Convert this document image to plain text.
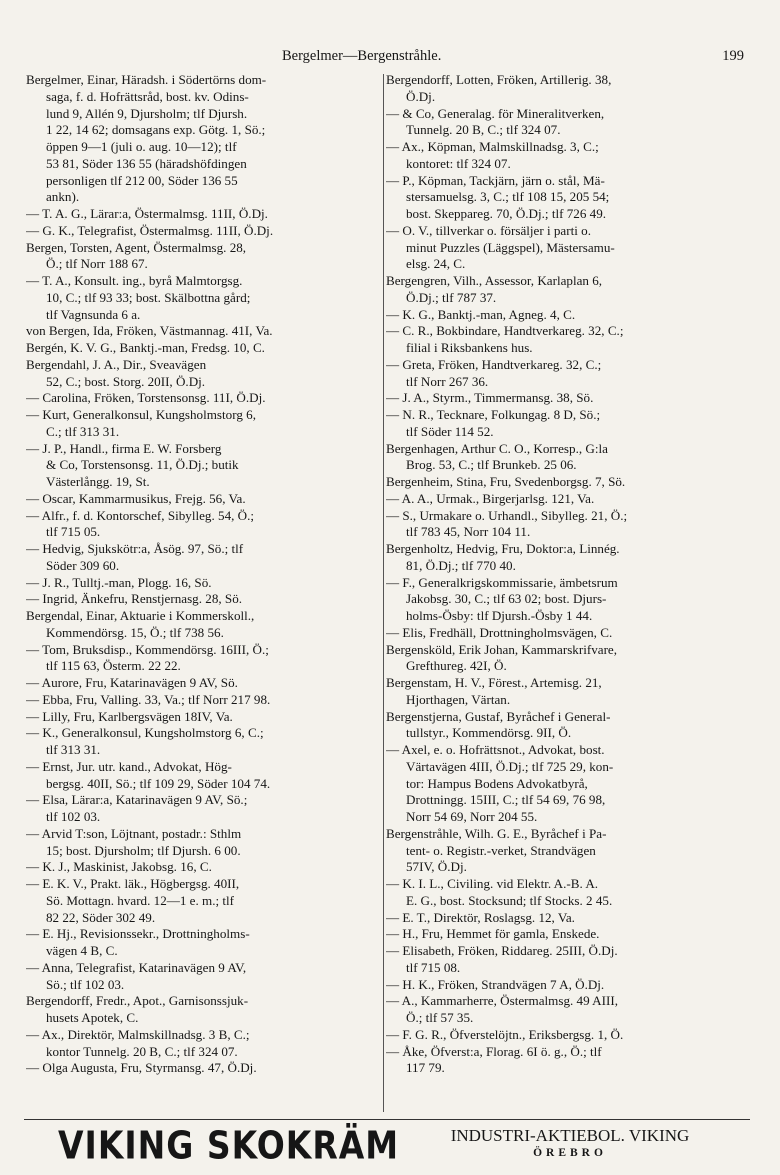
Bergelmer—Bergenstråhle.	199
Bergelmer, Einar, Häradsh. i Södertörns dom-
saga, f. d. Hofrättsråd, bost. kv. Odins-
lund 9, Allén 9, Djursholm; tlf Djursh.
1 22, 14 62; domsagans exp. Götg. 1, Sö.;
öppen 9—1 (juli o. aug. 10—12); tlf
53 81, Söder 136 55 (häradshöfdingen
personligen tlf 212 00, Söder 136 55
ankn).
— T. A. G., Lärar:a, Östermalmsg. 11II, Ö.Dj.
— G. K., Telegrafist, Östermalmsg. 11II, Ö.Dj.
Bergen, Torsten, Agent, Östermalmsg. 28,
Ö.; tlf Norr 188 67.
— T. A., Konsult. ing., byrå Malmtorgsg.
10, C.; tlf 93 33; bost. Skälbottna gård;
tlf Vagnsunda 6 a.
von Bergen, Ida, Fröken, Västmannag. 41I, Va.
Bergén, K. V. G., Banktj.-man, Fredsg. 10, C.
Bergendahl, J. A., Dir., Sveavägen
52, C.; bost. Storg. 20II, Ö.Dj.
— Carolina, Fröken, Torstensonsg. 11I, Ö.Dj.
— Kurt, Generalkonsul, Kungsholmstorg 6,
C.; tlf 313 31.
— J. P., Handl., firma E. W. Forsberg
& Co, Torstensonsg. 11, Ö.Dj.; butik
Västerlångg. 19, St.
— Oscar, Kammarmusikus, Frejg. 56, Va.
— Alfr., f. d. Kontorschef, Sibylleg. 54, Ö.;
tlf 715 05.
— Hedvig, Sjukskötr:a, Åsög. 97, Sö.; tlf
Söder 309 60.
— J. R., Tulltj.-man, Plogg. 16, Sö.
— Ingrid, Änkefru, Renstjernasg. 28, Sö.
Bergendal, Einar, Aktuarie i Kommerskoll.,
Kommendörsg. 15, Ö.; tlf 738 56.
— Tom, Bruksdisp., Kommendörsg. 16III, Ö.;
tlf 115 63, Österm. 22 22.
— Aurore, Fru, Katarinavägen 9 AV, Sö.
— Ebba, Fru, Valling. 33, Va.; tlf Norr 217 98.
— Lilly, Fru, Karlbergsvägen 18IV, Va.
— K., Generalkonsul, Kungsholmstorg 6, C.;
tlf 313 31.
— Ernst, Jur. utr. kand., Advokat, Hög-
bergsg. 40II, Sö.; tlf 109 29, Söder 104 74.
— Elsa, Lärar:a, Katarinavägen 9 AV, Sö.;
tlf 102 03.
— Arvid T:son, Löjtnant, postadr.: Sthlm
15; bost. Djursholm; tlf Djursh. 6 00.
— K. J., Maskinist, Jakobsg. 16, C.
— E. K. V., Prakt. läk., Högbergsg. 40II,
Sö. Mottagn. hvard. 12—1 e. m.; tlf
82 22, Söder 302 49.
— E. Hj., Revisionssekr., Drottningholms-
vägen 4 B, C.
— Anna, Telegrafist, Katarinavägen 9 AV,
Sö.; tlf 102 03.
Bergendorff, Fredr., Apot., Garnisonssjuk-
husets Apotek, C.
— Ax., Direktör, Malmskillnadsg. 3 B, C.;
kontor Tunnelg. 20 B, C.; tlf 324 07.
— Olga Augusta, Fru, Styrmansg. 47, Ö.Dj.
Bergendorff, Lotten, Fröken, Artillerig. 38,
Ö.Dj.
— & Co, Generalag. för Mineralitverken,
Tunnelg. 20 B, C.; tlf 324 07.
— Ax., Köpman, Malmskillnadsg. 3, C.;
kontoret: tlf 324 07.
— P., Köpman, Tackjärn, järn o. stål, Mä-
stersamuelsg. 3, C.; tlf 108 15, 205 54;
bost. Skeppareg. 70, Ö.Dj.; tlf 726 49.
— O. V., tillverkar o. försäljer i parti o.
minut Puzzles (Läggspel), Mästersamu-
elsg. 24, C.
Bergengren, Vilh., Assessor, Karlaplan 6,
Ö.Dj.; tlf 787 37.
— K. G., Banktj.-man, Agneg. 4, C.
— C. R., Bokbindare, Handtverkareg. 32, C.;
filial i Riksbankens hus.
— Greta, Fröken, Handtverkareg. 32, C.;
tlf Norr 267 36.
— J. A., Styrm., Timmermansg. 38, Sö.
— N. R., Tecknare, Folkungag. 8 D, Sö.;
tlf Söder 114 52.
Bergenhagen, Arthur C. O., Korresp., G:la
Brog. 53, C.; tlf Brunkeb. 25 06.
Bergenheim, Stina, Fru, Svedenborgsg. 7, Sö.
— A. A., Urmak., Birgerjarlsg. 121, Va.
— S., Urmakare o. Urhandl., Sibylleg. 21, Ö.;
tlf 783 45, Norr 104 11.
Bergenholtz, Hedvig, Fru, Doktor:a, Linnég.
81, Ö.Dj.; tlf 770 40.
— F., Generalkrigskommissarie, ämbetsrum
Jakobsg. 30, C.; tlf 63 02; bost. Djurs-
holms-Ösby: tlf Djursh.-Ösby 1 44.
— Elis, Fredhäll, Drottningholmsvägen, C.
Bergensköld, Erik Johan, Kammarskrifvare,
Grefthureg. 42I, Ö.
Bergenstam, H. V., Förest., Artemisg. 21,
Hjorthagen, Värtan.
Bergenstjerna, Gustaf, Byråchef i General-
tullstyr., Kommendörsg. 9II, Ö.
— Axel, e. o. Hofrättsnot., Advokat, bost.
Värtavägen 4III, Ö.Dj.; tlf 725 29, kon-
tor: Hampus Bodens Advokatbyrå,
Drottningg. 15III, C.; tlf 54 69, 76 98,
Norr 54 69, Norr 204 55.
Bergenstråhle, Wilh. G. E., Byråchef i Pa-
tent- o. Registr.-verket, Strandvägen
57IV, Ö.Dj.
— K. I. L., Civiling. vid Elektr. A.-B. A.
E. G., bost. Stocksund; tlf Stocks. 2 45.
— E. T., Direktör, Roslagsg. 12, Va.
— H., Fru, Hemmet för gamla, Enskede.
— Elisabeth, Fröken, Riddareg. 25III, Ö.Dj.
tlf 715 08.
— H. K., Fröken, Strandvägen 7 A, Ö.Dj.
— A., Kammarherre, Östermalmsg. 49 AIII,
Ö.; tlf 57 35.
— F. G. R., Öfverstelöjtn., Eriksbergsg. 1, Ö.
— Åke, Öfverst:a, Florag. 6I ö. g., Ö.; tlf
117 79.
VIKING SKOKRÄM	INDUSTRI-AKTIEBOL. VIKING
ÖREBRO
